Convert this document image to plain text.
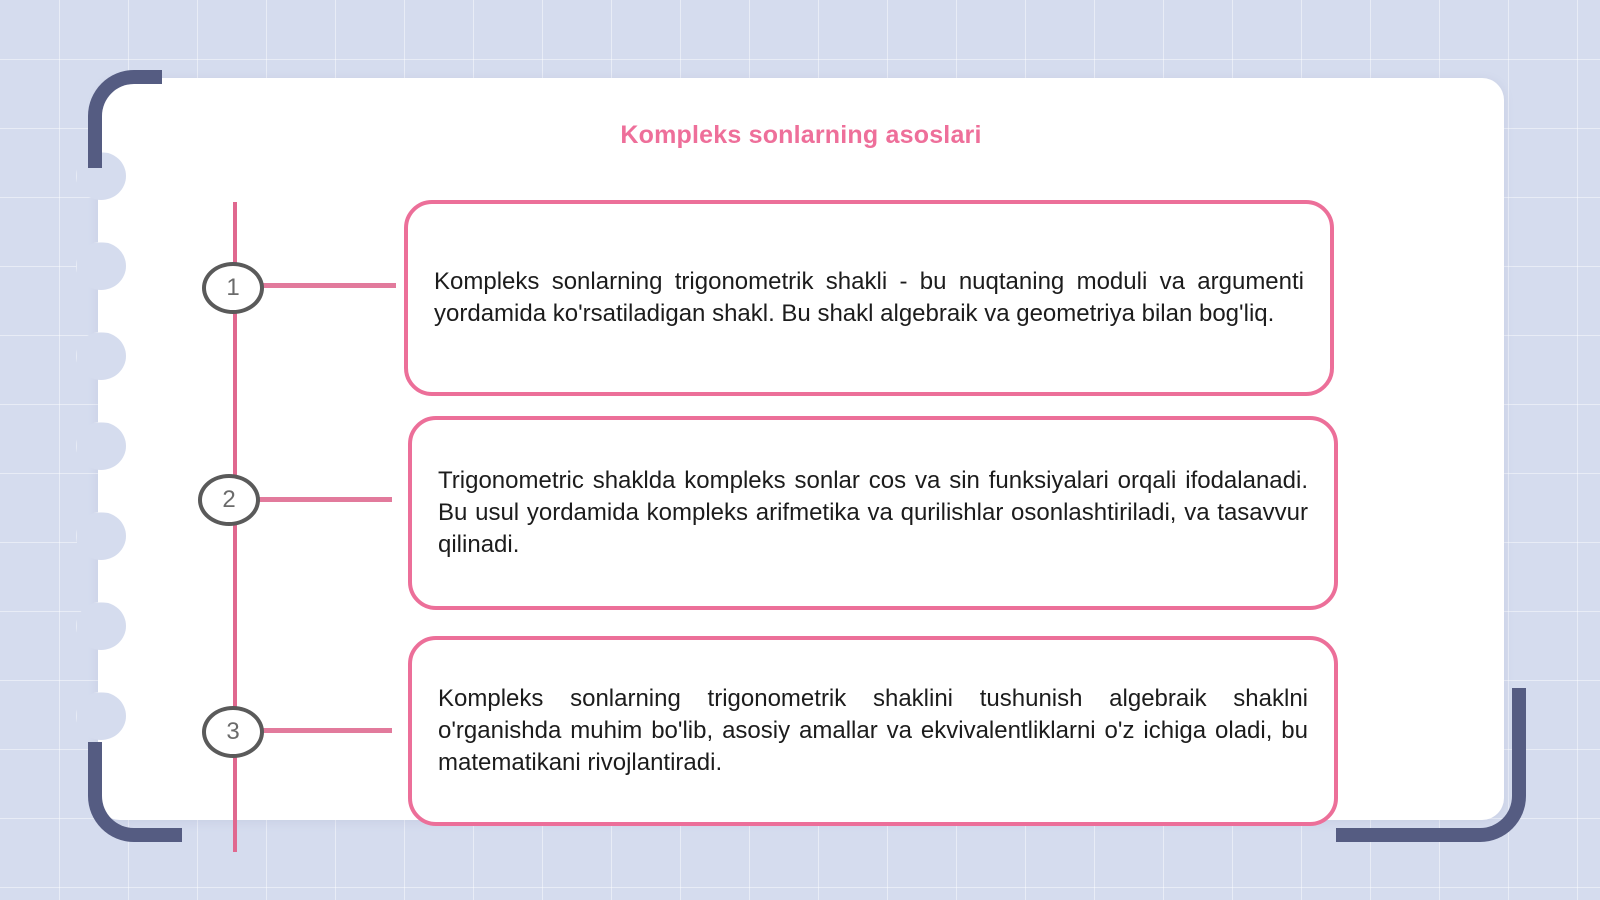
Kompleks sonlarning asoslari
1	Kompleks sonlarning trigonometrik shakli - bu nuqtaning moduli va argumenti yordamida ko'rsatiladigan shakl. Bu shakl algebraik va geometriya bilan bog'liq.

2

Trigonometric shaklda kompleks sonlar cos va sin funksiyalari orqali ifodalanadi. Bu usul yordamida kompleks arifmetika va qurilishlar osonlashtiriladi, va tasavvur qilinadi.

3

Kompleks sonlarning trigonometrik shaklini tushunish algebraik shaklni o'rganishda muhim bo'lib, asosiy amallar va ekvivalentliklarni o'z ichiga oladi, bu matematikani rivojlantiradi.
